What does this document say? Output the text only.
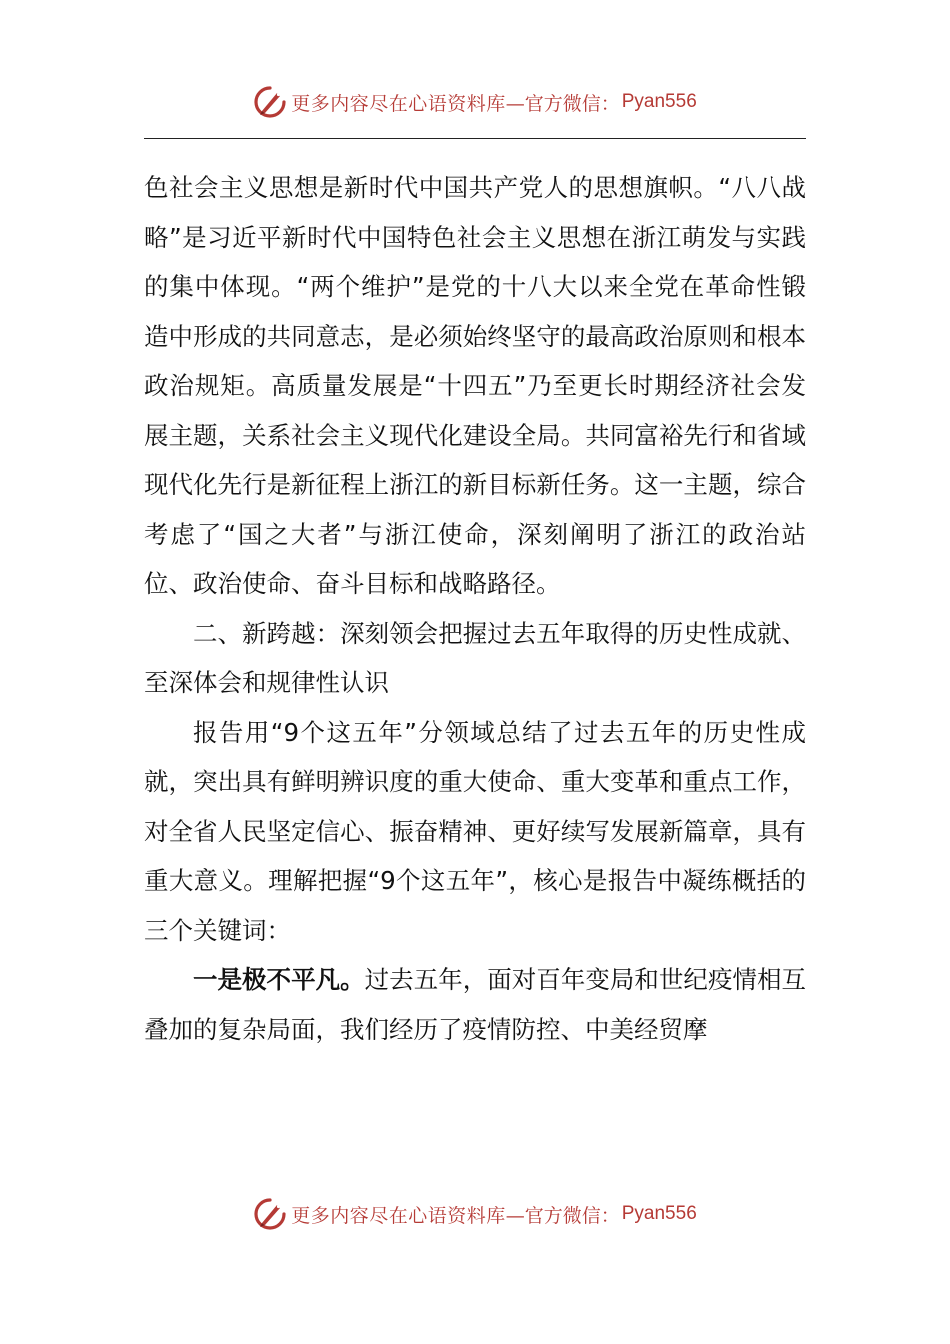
更多内容尽在心语资料库 —官方微信： Pyan556

色社会主义思想是新时代中国共产党人的思想旗帜。“八八战略”是习近平新时代中国特色社会主义思想在浙江萌发与实践的集中体现。“两个维护”是党的十八大以来全党在革命性锻造中形成的共同意志，是必须始终坚守的最高政治原则和根本政治规矩。高质量发展是“十四五”乃至更长时期经济社会发展主题，关系社会主义现代化建设全局。共同富裕先行和省域现代化先行是新征程上浙江的新目标新任务。这一主题，综合考虑了“国之大者”与浙江使命，深刻阐明了浙江的政治站位、政治使命、奋斗目标和战略路径。

二、新跨越：深刻领会把握过去五年取得的历史性成就、至深体会和规律性认识

报告用“9个这五年”分领域总结了过去五年的历史性成就，突出具有鲜明辨识度的重大使命、重大变革和重点工作，对全省人民坚定信心、振奋精神、更好续写发展新篇章，具有重大意义。理解把握“9个这五年”，核心是报告中凝练概括的三个关键词：

一是极不平凡。过去五年，面对百年变局和世纪疫情相互叠加的复杂局面，我们经历了疫情防控、中美经贸摩

更多内容尽在心语资料库 —官方微信： Pyan556
